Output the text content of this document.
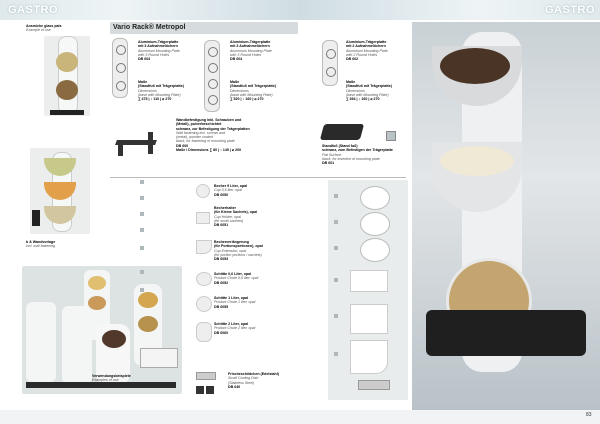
GASTRO	GASTRO
Ansmiche glass pais
Example of use
b & Wandvorlage
incl. wall fastening
Verwendungsbeispiele
Examples of use
Vario Rack® Metropol
Aluminium-Trägerplatte
mit 3 Aufnahmelöchern
Aluminium Mounting Plate
with 3 Round Holes
DB 603
Maße
(Standfuß mit Trägerplatte)
Dimensions
(base with Mounting Plate)
∑ 475 | ↕ 110 | ⌀ 270
Aluminium-Trägerplatte
mit 3 Aufnahmelöchern
Aluminium Mounting Plate
with 3 Round Holes
DB 604
Maße
(Standfuß mit Trägerplatte)
Dimensions
(base with Mounting Plate)
∑ 520 | ↕ 160 | ⌀ 270
Aluminium-Trägerplatte
mit 2 Aufnahmelöchern
Aluminium Mounting Plate
with 2 Round Holes
DB 602
Maße
(Standfuß mit Trägerplatte)
Dimensions
(base with Mounting Plate)
∑ 394 | ↕ 160 | ⌀ 270
Wandbefestigung inkl. Schrauben und
(Metall), pulverbeschichtet
schwarz, zur Befestigung der Trägerplatten
Wall fastening incl. screws and
(metal), powder coated
black, for fastening of mounting plate
DB 600
Maße / Dimensions ∑ 80 | ↕ 145 | ⌀ 200
Standfuß (Stand fuß)
schwarz, zum Befestigen der Trägerplatte
Flat Surface
black, for insertion of mounting plate
DB 601
Becher 9 Liter, opal
Cup 0,6 liter, opal
DB 6050
Becherhalter
(für Kleine Sachets), opal
Cup Holder, opal
(for small sachets)
DB 6051
Becherverlängerung
(für Portionsportionen), opal
Cup Extension, opal
(for portion portions / sachets)
DB 6053
Schtitte 0,6 Liter, opal
Product Chute 0,6 liter, opal
DB 6052
Schtitte 1 Liter, opal
Product Chute 1 liter, opal
DB 6055
Schtitte 2 Liter, opal
Product Chute 2 liter, opal
DB 6060
Frischeschildchen (Edelstahl)
Small Cooling Dish
(Stainless Steel)
DB 640
83
